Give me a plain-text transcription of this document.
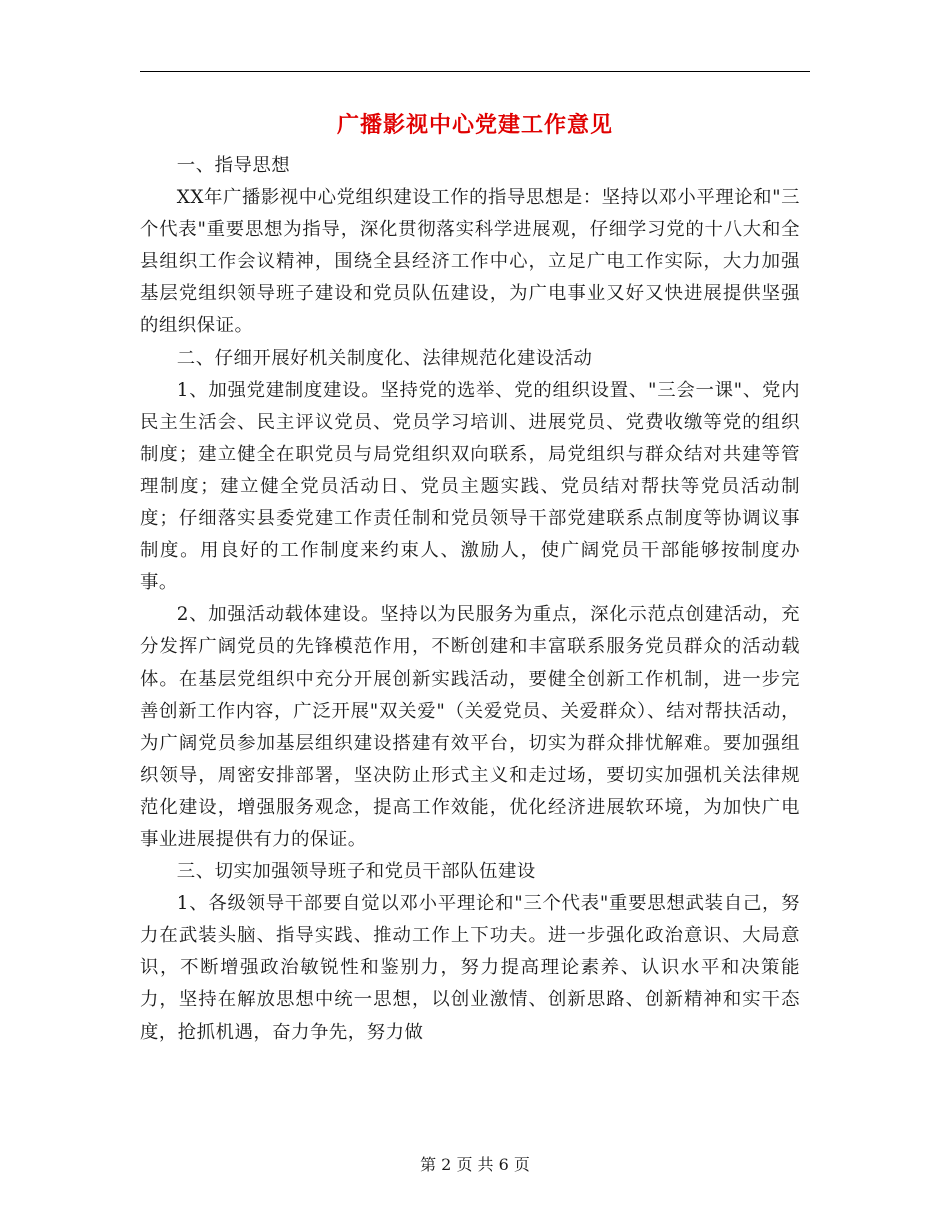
广播影视中心党建工作意见

一、指导思想

XX年广播影视中心党组织建设工作的指导思想是：坚持以邓小平理论和"三个代表"重要思想为指导，深化贯彻落实科学进展观，仔细学习党的十八大和全县组织工作会议精神，围绕全县经济工作中心，立足广电工作实际，大力加强基层党组织领导班子建设和党员队伍建设，为广电事业又好又快进展提供坚强的组织保证。

二、仔细开展好机关制度化、法律规范化建设活动

1、加强党建制度建设。坚持党的选举、党的组织设置、"三会一课"、党内民主生活会、民主评议党员、党员学习培训、进展党员、党费收缴等党的组织制度；建立健全在职党员与局党组织双向联系，局党组织与群众结对共建等管理制度；建立健全党员活动日、党员主题实践、党员结对帮扶等党员活动制度；仔细落实县委党建工作责任制和党员领导干部党建联系点制度等协调议事制度。用良好的工作制度来约束人、激励人，使广阔党员干部能够按制度办事。

2、加强活动载体建设。坚持以为民服务为重点，深化示范点创建活动，充分发挥广阔党员的先锋模范作用，不断创建和丰富联系服务党员群众的活动载体。在基层党组织中充分开展创新实践活动，要健全创新工作机制，进一步完善创新工作内容，广泛开展"双关爱"（关爱党员、关爱群众）、结对帮扶活动，为广阔党员参加基层组织建设搭建有效平台，切实为群众排忧解难。要加强组织领导，周密安排部署，坚决防止形式主义和走过场，要切实加强机关法律规范化建设，增强服务观念，提高工作效能，优化经济进展软环境，为加快广电事业进展提供有力的保证。

三、切实加强领导班子和党员干部队伍建设

1、各级领导干部要自觉以邓小平理论和"三个代表"重要思想武装自己，努力在武装头脑、指导实践、推动工作上下功夫。进一步强化政治意识、大局意识，不断增强政治敏锐性和鉴别力，努力提高理论素养、认识水平和决策能力，坚持在解放思想中统一思想，以创业激情、创新思路、创新精神和实干态度，抢抓机遇，奋力争先，努力做

第 2 页 共 6 页
